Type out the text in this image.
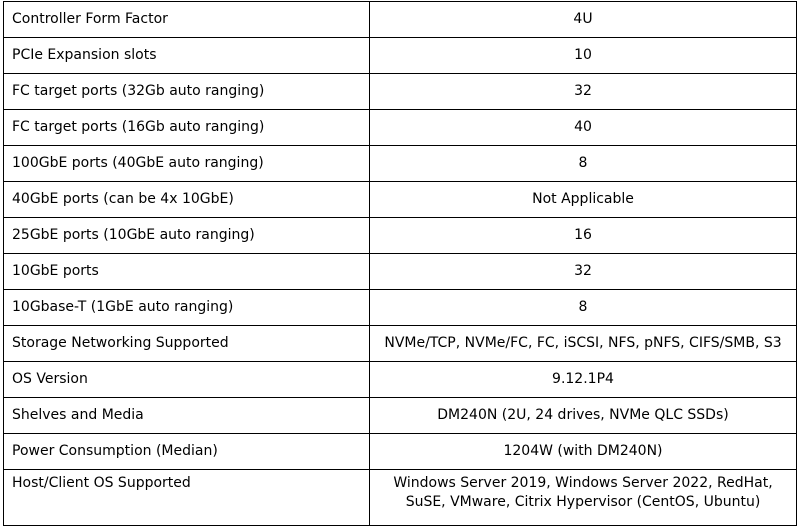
Controller Form Factor	4U
PCIe Expansion slots	10
FC target ports (32Gb auto ranging)	32
FC target ports (16Gb auto ranging)	40
100GbE ports (40GbE auto ranging)	8
40GbE ports (can be 4x 10GbE)	Not Applicable
25GbE ports (10GbE auto ranging)	16
10GbE ports	32
10Gbase-T (1GbE auto ranging)	8
Storage Networking Supported	NVMe/TCP, NVMe/FC, FC, iSCSI, NFS, pNFS, CIFS/SMB, S3
OS Version	9.12.1P4
Shelves and Media	DM240N (2U, 24 drives, NVMe QLC SSDs)
Power Consumption (Median)	1204W (with DM240N)
Host/Client OS Supported	Windows Server 2019, Windows Server 2022, RedHat, SuSE, VMware, Citrix Hypervisor (CentOS, Ubuntu)
